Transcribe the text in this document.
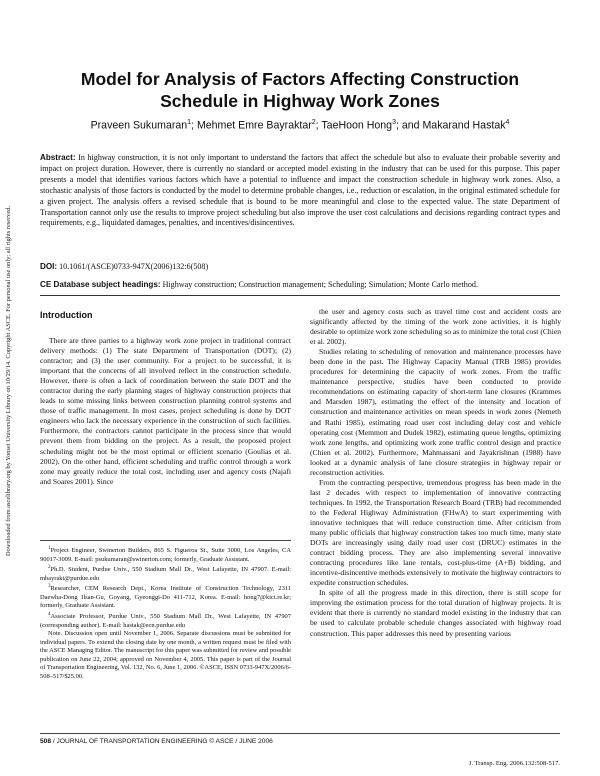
Downloaded from ascelibrary.org by Yonsei University Library on 10/29/14. Copyright ASCE. For personal use only; all rights reserved.
Model for Analysis of Factors Affecting Construction Schedule in Highway Work Zones
Praveen Sukumaran$^1$; Mehmet Emre Bayraktar$^2$; TaeHoon Hong$^3$; and Makarand Hastak$^4$
Abstract: In highway construction, it is not only important to understand the factors that affect the schedule but also to evaluate their probable severity and impact on project duration. However, there is currently no standard or accepted model existing in the industry that can be used for this purpose. This paper presents a model that identifies various factors which have a potential to influence and impact the construction schedule in highway work zones. Also, a stochastic analysis of those factors is conducted by the model to determine probable changes, i.e., reduction or escalation, in the original estimated schedule for a given project. The analysis offers a revised schedule that is bound to be more meaningful and close to the expected value. The state Department of Transportation cannot only use the results to improve project scheduling but also improve the user cost calculations and decisions regarding contract types and requirements, e.g., liquidated damages, penalties, and incentives/disincentives.
DOI: 10.1061/(ASCE)0733-947X(2006)132:6(508)
CE Database subject headings: Highway construction; Construction management; Scheduling; Simulation; Monte Carlo method.
Introduction

There are three parties to a highway work zone project in traditional contract delivery methods: (1) The state Department of Transportation (DOT); (2) contractor; and (3) the user community. For a project to be successful, it is important that the concerns of all involved reflect in the construction schedule. However, there is often a lack of coordination between the state DOT and the contractor during the early planning stages of highway construction projects that leads to some missing links between construction planning control systems and those of traffic management. In most cases, project scheduling is done by DOT engineers who lack the necessary experience in the construction of such facilities. Furthermore, the contractors cannot participate in the process since that would prevent them from bidding on the project. As a result, the proposed project scheduling might not be the most optimal or efficient scenario (Goulias et al. 2002). On the other hand, efficient scheduling and traffic control through a work zone may greatly reduce the total cost, including user and agency costs (Najafi and Soares 2001). Since

the user and agency costs such as travel time cost and accident costs are significantly affected by the timing of the work zone activities, it is highly desirable to optimize work zone scheduling so as to minimize the total cost (Chien et al. 2002).

Studies relating to scheduling of renovation and maintenance processes have been done in the past. The Highway Capacity Manual (TRB 1985) provides procedures for determining the capacity of work zones. From the traffic maintenance perspective, studies have been conducted to provide recommendations on estimating capacity of short-term lane closures (Krammes and Marsden 1987), estimating the effect of the intensity and location of construction and maintenance activities on mean speeds in work zones (Nemeth and Rathi 1985), estimating road user cost including delay cost and vehicle operating cost (Memmott and Dudek 1982), estimating queue lengths, optimizing work zone lengths, and optimizing work zone traffic control design and practice (Chien et al. 2002). Furthermore, Mahmassani and Jayakrishnan (1988) have looked at a dynamic analysis of lane closure strategies in highway repair or reconstruction activities.

From the contracting perspective, tremendous progress has been made in the last 2 decades with respect to implementation of innovative contracting techniques. In 1992, the Transportation Research Board (TRB) had recommended to the Federal Highway Administration (FHwA) to start experimenting with innovative techniques that will reduce construction time. After criticism from many public officials that highway construction takes too much time, many state DOTs are increasingly using daily road user cost (DRUC) estimates in the contract bidding process. They are also implementing several innovative contracting procedures like lane rentals, cost-plus-time (A+B) bidding, and incentive-disincentive methods extensively to motivate the highway contractors to expedite construction schedules.

In spite of all the progress made in this direction, there is still scope for improving the estimation process for the total duration of highway projects. It is evident that there is currently no standard model existing in the industry that can be used to calculate probable schedule changes associated with highway road construction. This paper addresses this need by presenting various

$^1$Project Engineer, Swinerton Builders, 865 S. Figueroa St., Suite 3000, Los Angeles, CA 90017-3009. E-mail: psukumaran@swinerton.com; formerly, Graduate Assistant.

$^2$Ph.D. Student, Purdue Univ., 550 Stadium Mall Dr., West Lafayette, IN 47907. E-mail: mbayrakt@purdue.edu

$^3$Researcher, CEM Research Dept., Korea Institute of Construction Technology, 2311 Daewha-Dong Ilsan-Gu, Goyang, Gyeonggi-Do 411-712, Korea. E-mail: hong7@kict.re.kr; formerly, Graduate Assistant.

$^4$Associate Professor, Purdue Univ., 550 Stadium Mall Dr., West Lafayette, IN 47907 (corresponding author). E-mail: hastak@ecn.purdue.edu

Note. Discussion open until November 1, 2006. Separate discussions must be submitted for individual papers. To extend the closing date by one month, a written request must be filed with the ASCE Managing Editor. The manuscript for this paper was submitted for review and possible publication on June 22, 2004; approved on November 4, 2005. This paper is part of the Journal of Transportation Engineering, Vol. 132, No. 6, June 1, 2006. ©ASCE, ISSN 0733-947X/2006/6-508–517/$25.00.

508 / JOURNAL OF TRANSPORTATION ENGINEERING © ASCE / JUNE 2006
J. Transp. Eng. 2006.132:508-517.
